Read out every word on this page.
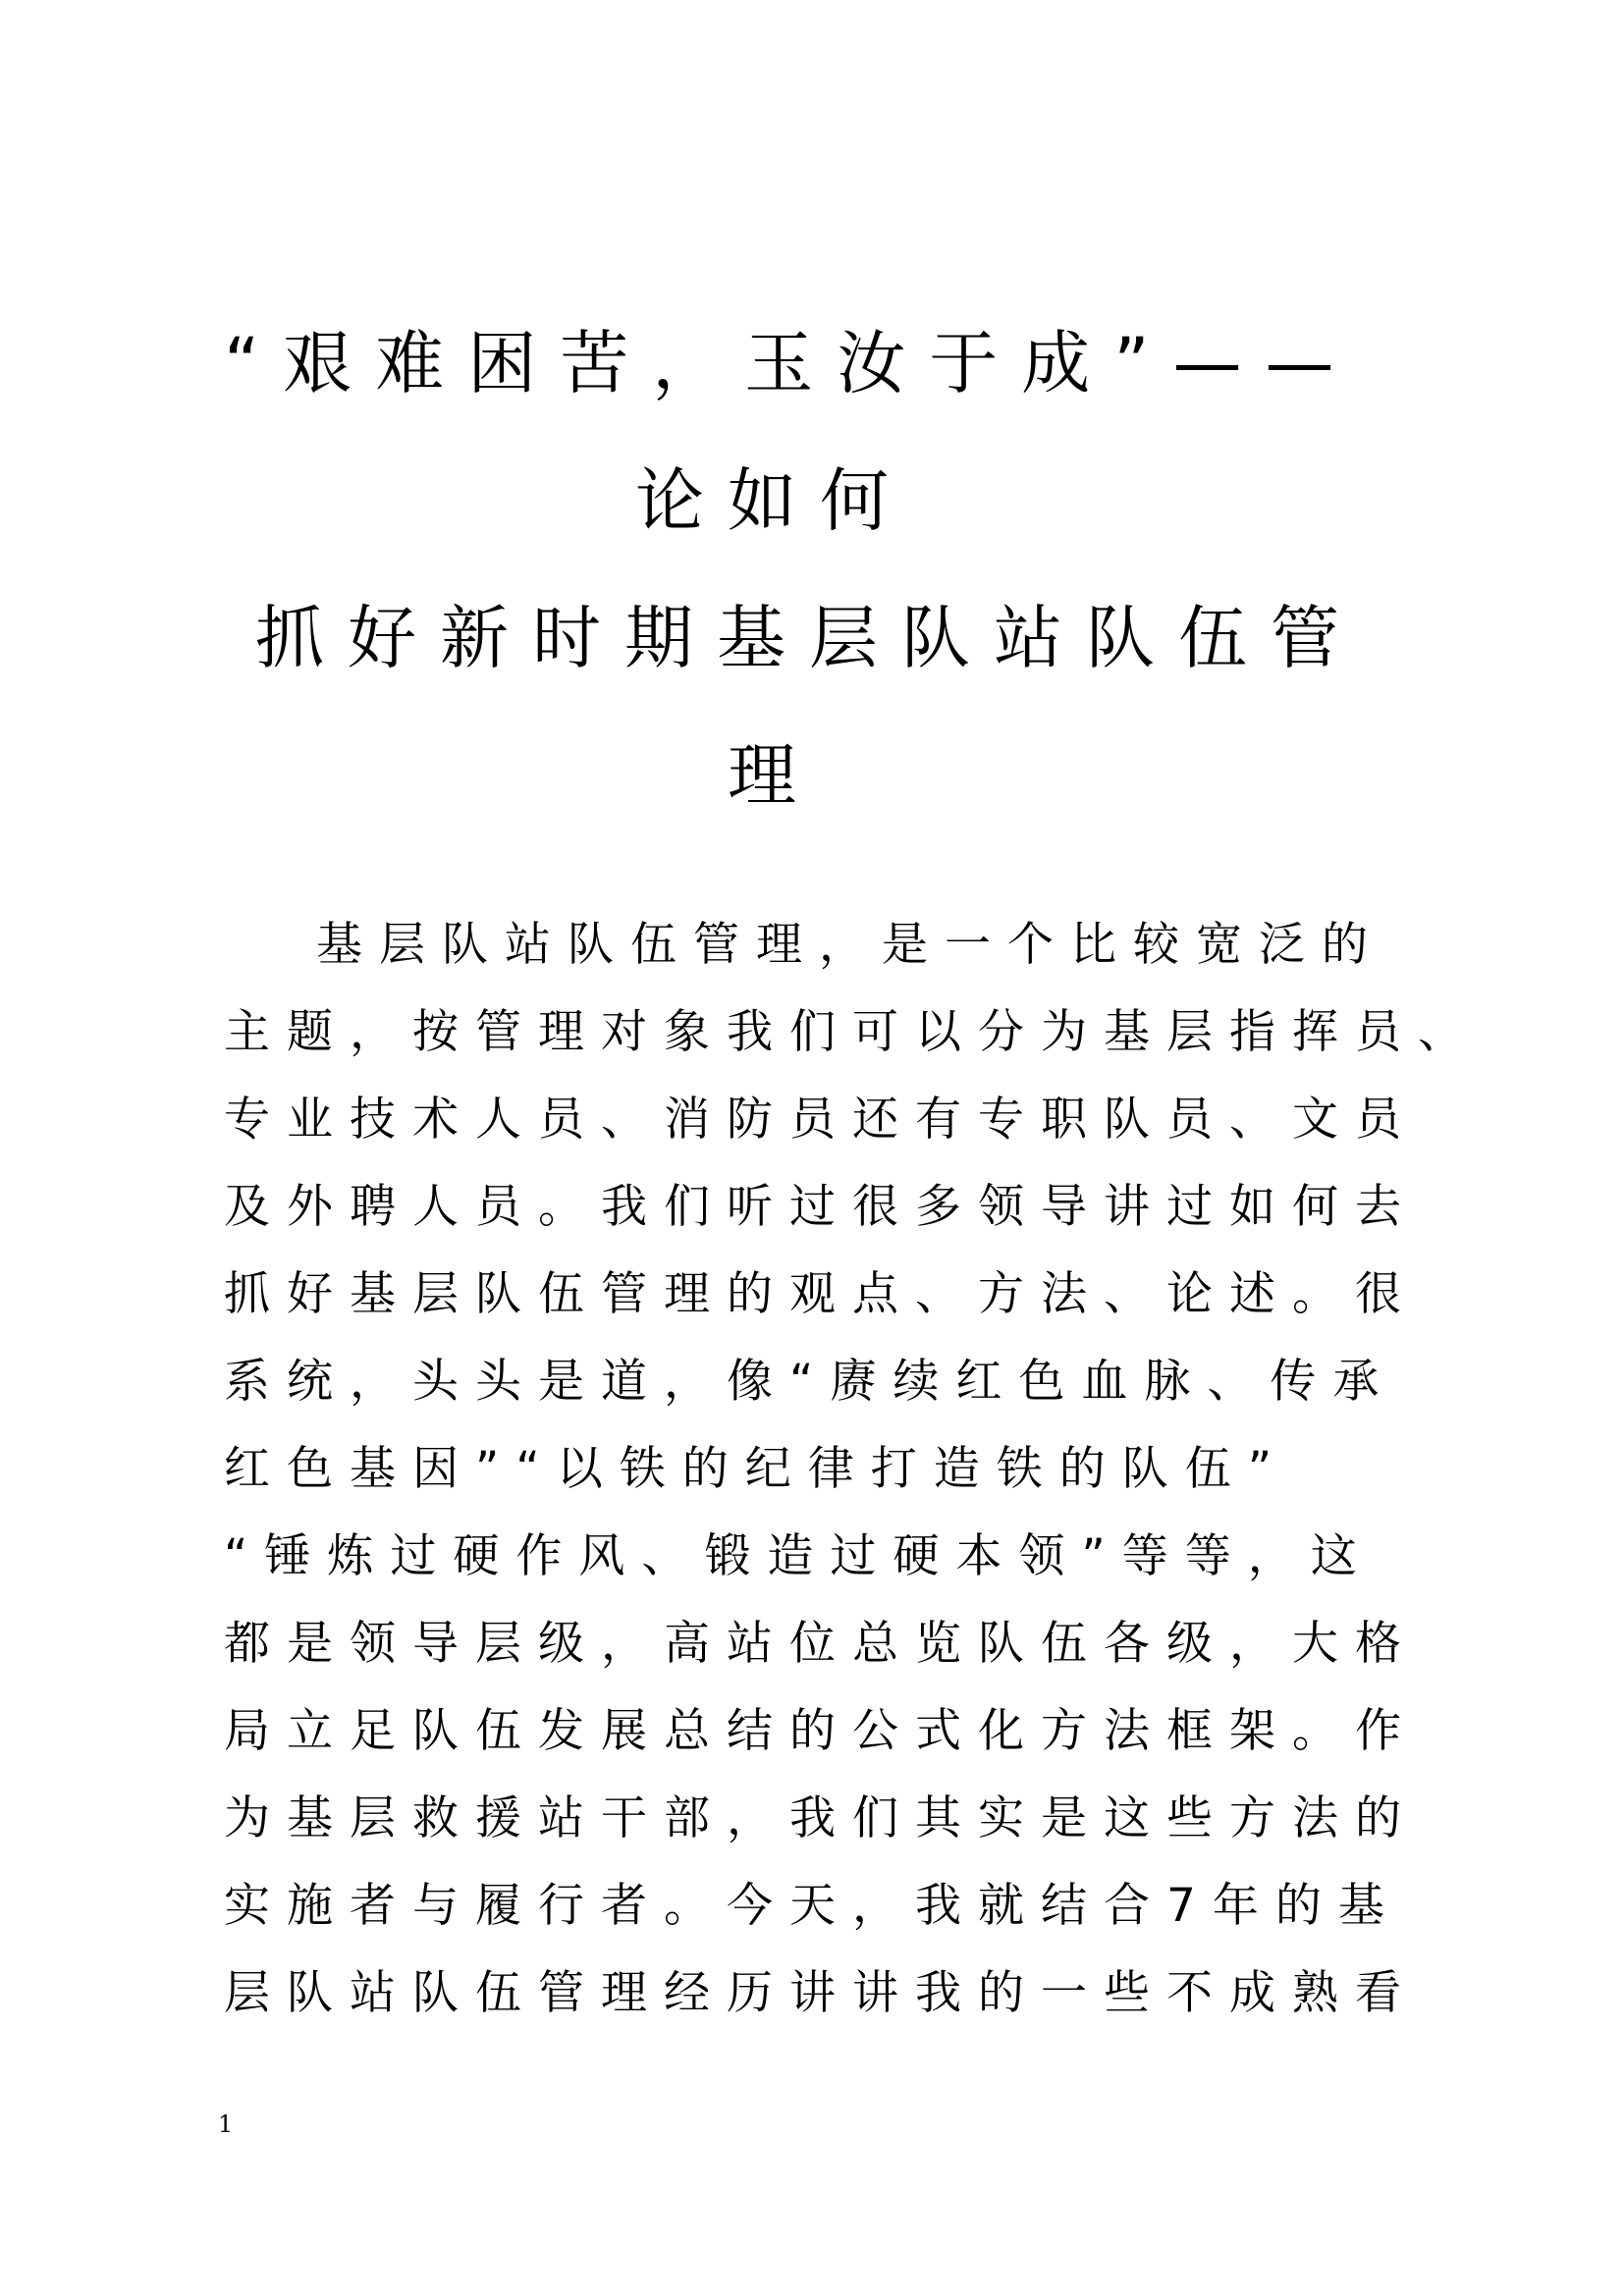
“艰难困苦，玉汝于成”——
论如何
抓好新时期基层队站队伍管
理
基层队站队伍管理，是一个比较宽泛的
主题，按管理对象我们可以分为基层指挥员、
专业技术人员、消防员还有专职队员、文员
及外聘人员。我们听过很多领导讲过如何去
抓好基层队伍管理的观点、方法、论述。很
系统，头头是道，像“赓续红色血脉、传承
红色基因”“以铁的纪律打造铁的队伍”
“锤炼过硬作风、锻造过硬本领”等等，这
都是领导层级，高站位总览队伍各级，大格
局立足队伍发展总结的公式化方法框架。作
为基层救援站干部，我们其实是这些方法的
实施者与履行者。今天，我就结合7年的基
层队站队伍管理经历讲讲我的一些不成熟看
1
